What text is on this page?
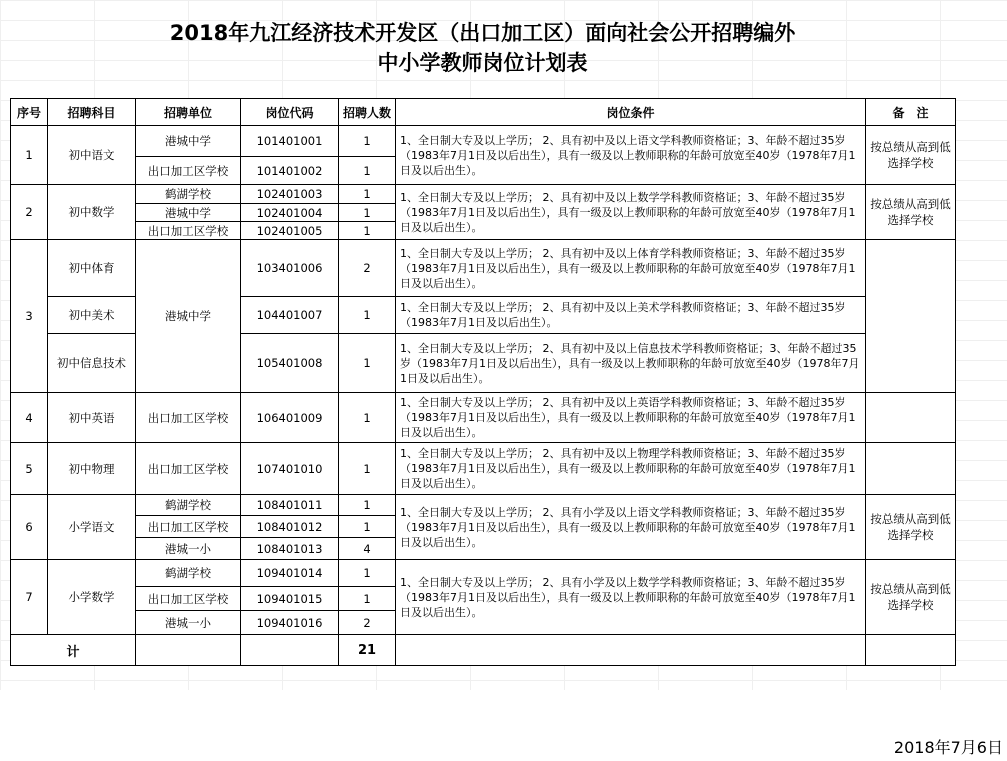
2018年九江经济技术开发区（出口加工区）面向社会公开招聘编外
中小学教师岗位计划表
序号	招聘科目	招聘单位	岗位代码	招聘人数	岗位条件	备　注
1	初中语文	港城中学	101401001	1	1、全日制大专及以上学历； 2、具有初中及以上语文学科教师资格证；3、年龄不超过35岁（1983年7月1日及以后出生），具有一级及以上教师职称的年龄可放宽至40岁（1978年7月1日及以后出生）。	按总绩从高到低选择学校
		出口加工区学校	101401002	1		
2	初中数学	鹤湖学校	102401003	1	1、全日制大专及以上学历； 2、具有初中及以上数学学科教师资格证；3、年龄不超过35岁（1983年7月1日及以后出生），具有一级及以上教师职称的年龄可放宽至40岁（1978年7月1日及以后出生）。	按总绩从高到低选择学校
		港城中学	102401004	1		
		出口加工区学校	102401005	1		
3	初中体育	港城中学	103401006	2	1、全日制大专及以上学历； 2、具有初中及以上体育学科教师资格证；3、年龄不超过35岁（1983年7月1日及以后出生），具有一级及以上教师职称的年龄可放宽至40岁（1978年7月1日及以后出生）。	
	初中美术		104401007	1	1、全日制大专及以上学历； 2、具有初中及以上美术学科教师资格证；3、年龄不超过35岁（1983年7月1日及以后出生）。	
	初中信息技术		105401008	1	1、全日制大专及以上学历； 2、具有初中及以上信息技术学科教师资格证；3、年龄不超过35岁（1983年7月1日及以后出生），具有一级及以上教师职称的年龄可放宽至40岁（1978年7月1日及以后出生）。	
4	初中英语	出口加工区学校	106401009	1	1、全日制大专及以上学历； 2、具有初中及以上英语学科教师资格证；3、年龄不超过35岁（1983年7月1日及以后出生），具有一级及以上教师职称的年龄可放宽至40岁（1978年7月1日及以后出生）。	
5	初中物理	出口加工区学校	107401010	1	1、全日制大专及以上学历； 2、具有初中及以上物理学科教师资格证；3、年龄不超过35岁（1983年7月1日及以后出生），具有一级及以上教师职称的年龄可放宽至40岁（1978年7月1日及以后出生）。	
6	小学语文	鹤湖学校	108401011	1	1、全日制大专及以上学历； 2、具有小学及以上语文学科教师资格证；3、年龄不超过35岁（1983年7月1日及以后出生），具有一级及以上教师职称的年龄可放宽至40岁（1978年7月1日及以后出生）。	按总绩从高到低选择学校
		出口加工区学校	108401012	1		
		港城一小	108401013	4		
7	小学数学	鹤湖学校	109401014	1	1、全日制大专及以上学历； 2、具有小学及以上数学学科教师资格证；3、年龄不超过35岁（1983年7月1日及以后出生），具有一级及以上教师职称的年龄可放宽至40岁（1978年7月1日及以后出生）。	按总绩从高到低选择学校
		出口加工区学校	109401015	1		
		港城一小	109401016	2		
计				21		
2018年7月6日
